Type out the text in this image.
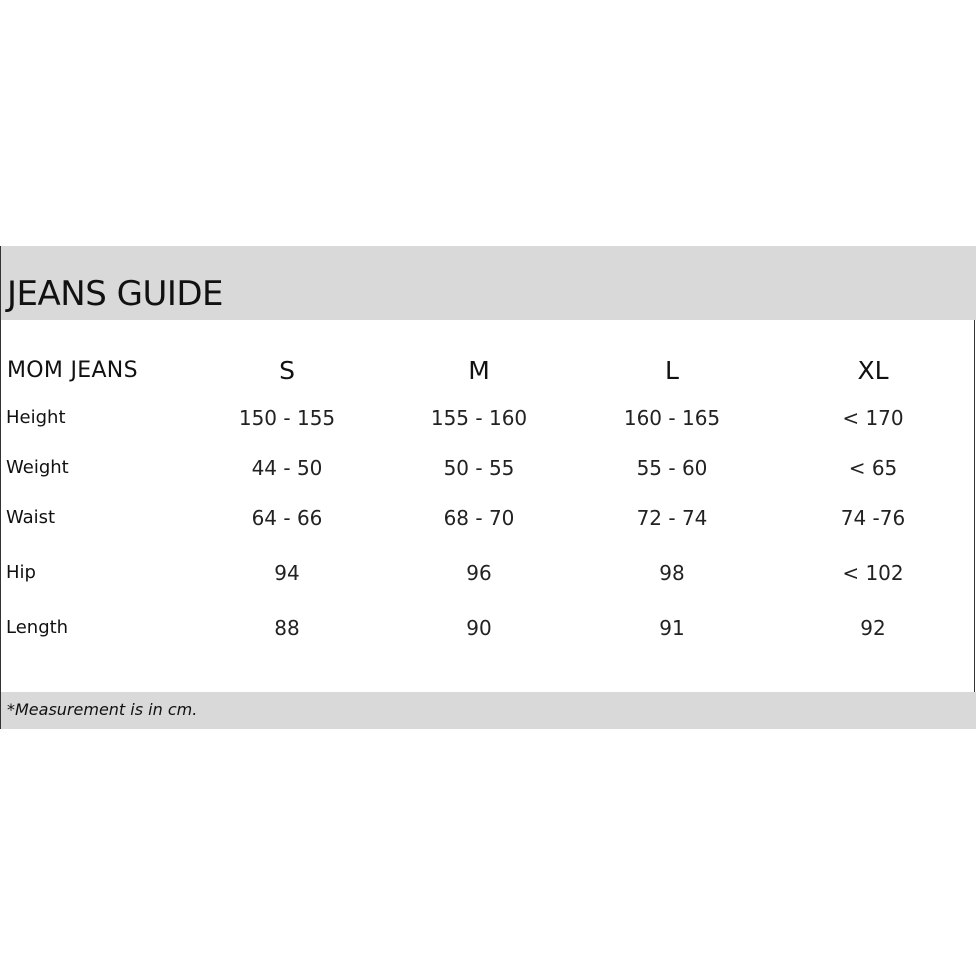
JEANS GUIDE
MOM JEANS	S	M	L	XL
Height	150 - 155	155 - 160	160 - 165	< 170
Weight	44 - 50	50 - 55	55 - 60	< 65
Waist	64 - 66	68 - 70	72 - 74	74 -76
Hip	94	96	98	< 102
Length	88	90	91	92
*Measurement is in cm.
